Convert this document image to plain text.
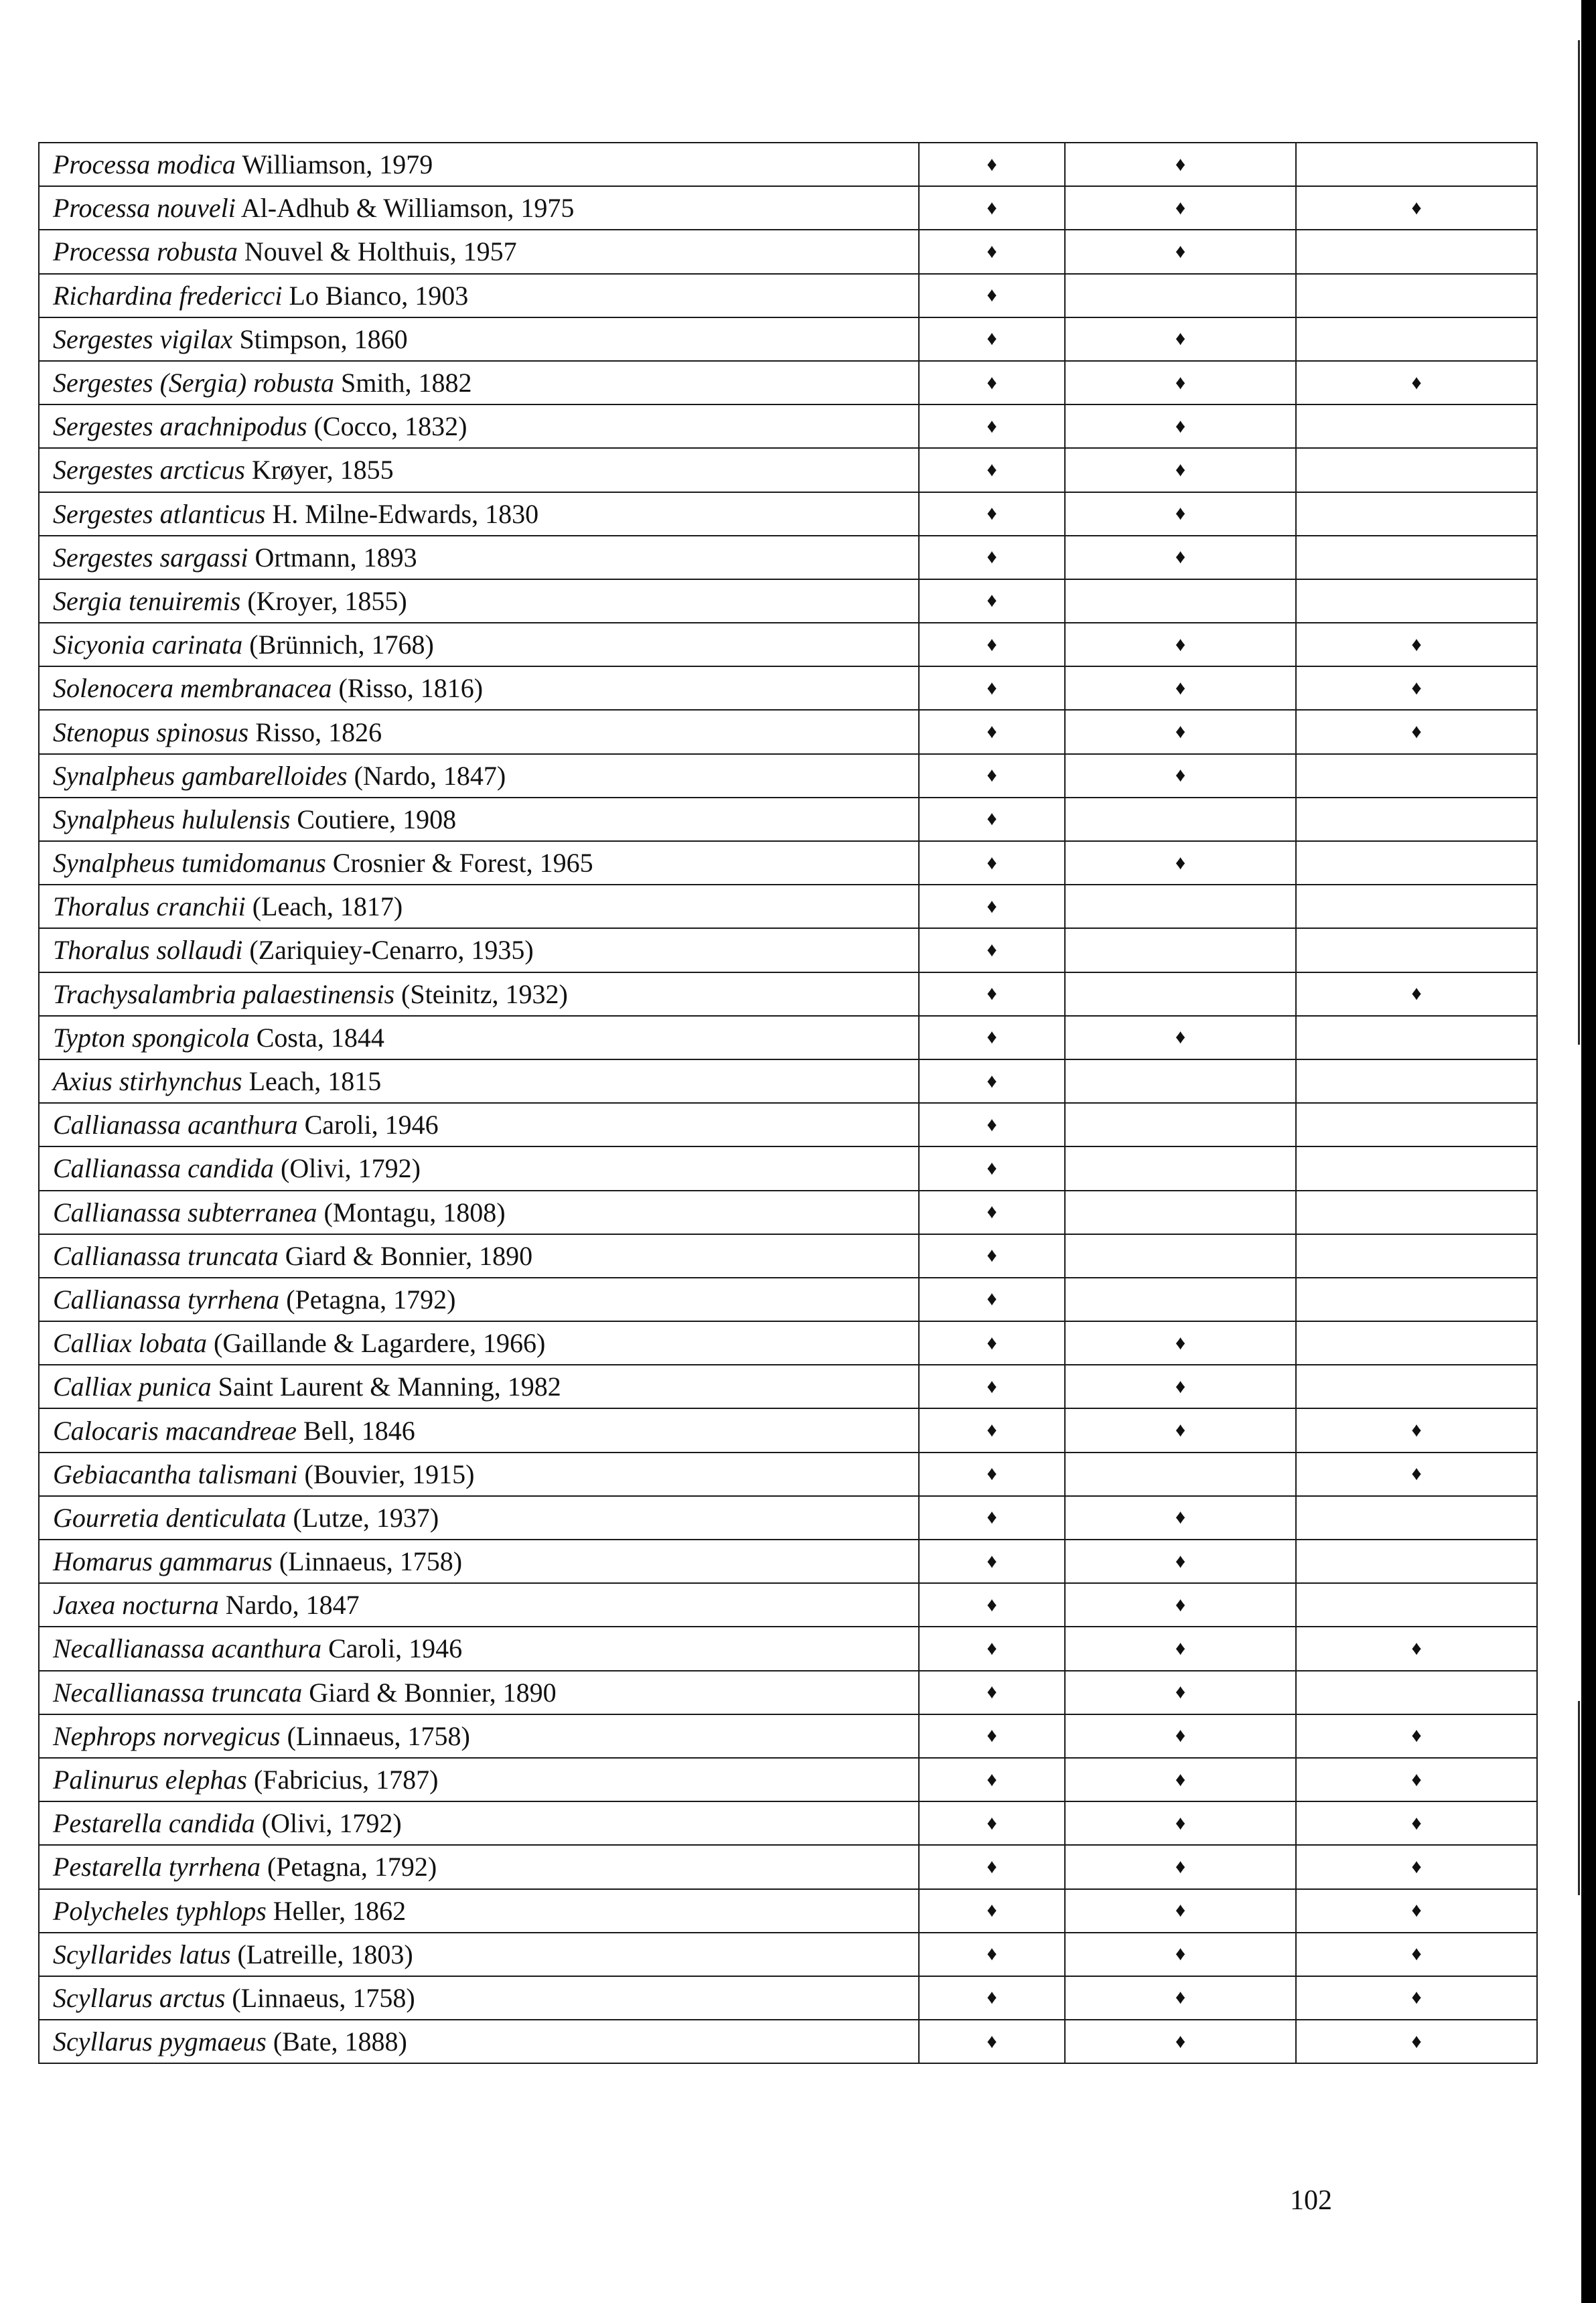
Processa modica Williamson, 1979	♦	♦	
Processa nouveli Al-Adhub & Williamson, 1975	♦	♦	♦
Processa robusta Nouvel & Holthuis, 1957	♦	♦	
Richardina fredericci Lo Bianco, 1903	♦		
Sergestes vigilax Stimpson, 1860	♦	♦	
Sergestes (Sergia) robusta Smith, 1882	♦	♦	♦
Sergestes arachnipodus (Cocco, 1832)	♦	♦	
Sergestes arcticus Krøyer, 1855	♦	♦	
Sergestes atlanticus H. Milne-Edwards, 1830	♦	♦	
Sergestes sargassi Ortmann, 1893	♦	♦	
Sergia tenuiremis (Kroyer, 1855)	♦		
Sicyonia carinata (Brünnich, 1768)	♦	♦	♦
Solenocera membranacea (Risso, 1816)	♦	♦	♦
Stenopus spinosus Risso, 1826	♦	♦	♦
Synalpheus gambarelloides (Nardo, 1847)	♦	♦	
Synalpheus hululensis Coutiere, 1908	♦		
Synalpheus tumidomanus Crosnier & Forest, 1965	♦	♦	
Thoralus cranchii (Leach, 1817)	♦		
Thoralus sollaudi (Zariquiey-Cenarro, 1935)	♦		
Trachysalambria palaestinensis (Steinitz, 1932)	♦		♦
Typton spongicola Costa, 1844	♦	♦	
Axius stirhynchus Leach, 1815	♦		
Callianassa acanthura Caroli, 1946	♦		
Callianassa candida (Olivi, 1792)	♦		
Callianassa subterranea (Montagu, 1808)	♦		
Callianassa truncata Giard & Bonnier, 1890	♦		
Callianassa tyrrhena (Petagna, 1792)	♦		
Calliax lobata (Gaillande & Lagardere, 1966)	♦	♦	
Calliax punica Saint Laurent & Manning, 1982	♦	♦	
Calocaris macandreae Bell, 1846	♦	♦	♦
Gebiacantha talismani (Bouvier, 1915)	♦		♦
Gourretia denticulata (Lutze, 1937)	♦	♦	
Homarus gammarus (Linnaeus, 1758)	♦	♦	
Jaxea nocturna Nardo, 1847	♦	♦	
Necallianassa acanthura Caroli, 1946	♦	♦	♦
Necallianassa truncata Giard & Bonnier, 1890	♦	♦	
Nephrops norvegicus (Linnaeus, 1758)	♦	♦	♦
Palinurus elephas (Fabricius, 1787)	♦	♦	♦
Pestarella candida (Olivi, 1792)	♦	♦	♦
Pestarella tyrrhena (Petagna, 1792)	♦	♦	♦
Polycheles typhlops Heller, 1862	♦	♦	♦
Scyllarides latus (Latreille, 1803)	♦	♦	♦
Scyllarus arctus (Linnaeus, 1758)	♦	♦	♦
Scyllarus pygmaeus (Bate, 1888)	♦	♦	♦
102
